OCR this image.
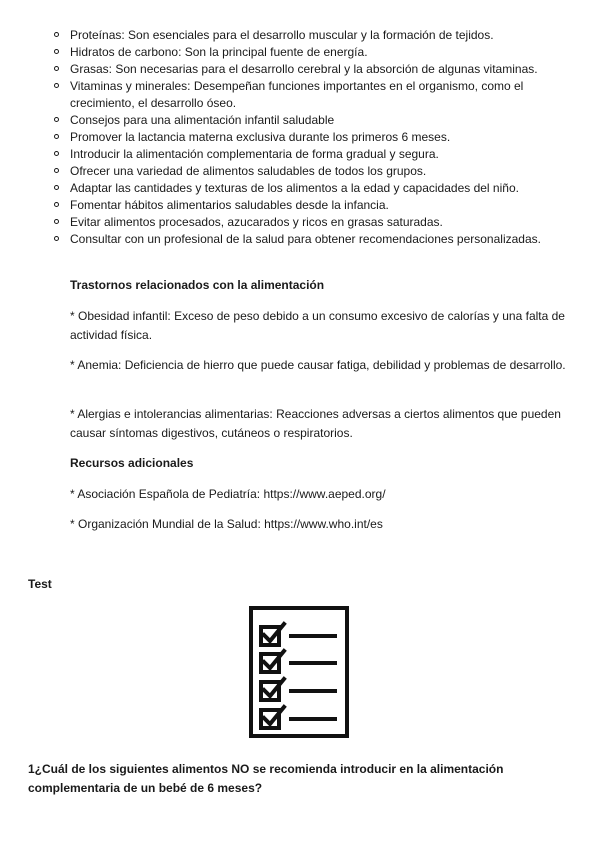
Proteínas: Son esenciales para el desarrollo muscular y la formación de tejidos.
Hidratos de carbono: Son la principal fuente de energía.
Grasas: Son necesarias para el desarrollo cerebral y la absorción de algunas vitaminas.
Vitaminas y minerales: Desempeñan funciones importantes en el organismo, como el crecimiento, el desarrollo óseo.
Consejos para una alimentación infantil saludable
Promover la lactancia materna exclusiva durante los primeros 6 meses.
Introducir la alimentación complementaria de forma gradual y segura.
Ofrecer una variedad de alimentos saludables de todos los grupos.
Adaptar las cantidades y texturas de los alimentos a la edad y capacidades del niño.
Fomentar hábitos alimentarios saludables desde la infancia.
Evitar alimentos procesados, azucarados y ricos en grasas saturadas.
Consultar con un profesional de la salud para obtener recomendaciones personalizadas.
Trastornos relacionados con la alimentación
* Obesidad infantil: Exceso de peso debido a un consumo excesivo de calorías y una falta de actividad física.
* Anemia: Deficiencia de hierro que puede causar fatiga, debilidad y problemas de desarrollo.
* Alergias e intolerancias alimentarias: Reacciones adversas a ciertos alimentos que pueden causar síntomas digestivos, cutáneos o respiratorios.
Recursos adicionales
* Asociación Española de Pediatría: https://www.aeped.org/
* Organización Mundial de la Salud: https://www.who.int/es
Test
1¿Cuál de los siguientes alimentos NO se recomienda introducir en la alimentación complementaria de un bebé de 6 meses?
